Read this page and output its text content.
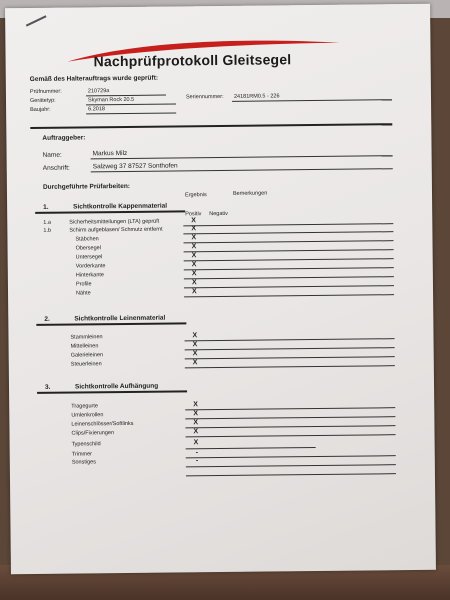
Nachprüfprotokoll Gleitsegel
Gemäß des Halterauftrags wurde geprüft:
Prüfnummer:	210729a
Gerätetyp:	Skyman Rock 20.5	Seriennummer: 24181RM0.5 - 226
Baujahr:	6.2018
Auftraggeber:
Name:	Markus Milz
Anschrift:	Salzweg 37 87527 Sonthofen
Durchgeführte Prüfarbeiten:
Ergebnis	Bemerkungen
Positiv Negativ
1.	Sichtkontrolle Kappenmaterial
1.a	Sicherheitsmitteilungen (LTA) geprüft	X
1.b	Schirm aufgeblasen/ Schmutz entfernt	X
Stäbchen	X
Obersegel	X
Untersegel	X
Vorderkante	X
Hinterkante	X
Profile	X
Nähte	X
2.	Sichtkontrolle Leinenmaterial
Stammleinen	X
Mittelleinen	X
Galerieleinen	X
Steuerleinen	X
3.	Sichtkontrolle Aufhängung
Tragegurte	X
Umlenkrollen	X
Leinenschlösser/Softlinks	X
Clips/Fixierungen	X
Typenschild	X
Trimmer	-
Sonstiges	-
